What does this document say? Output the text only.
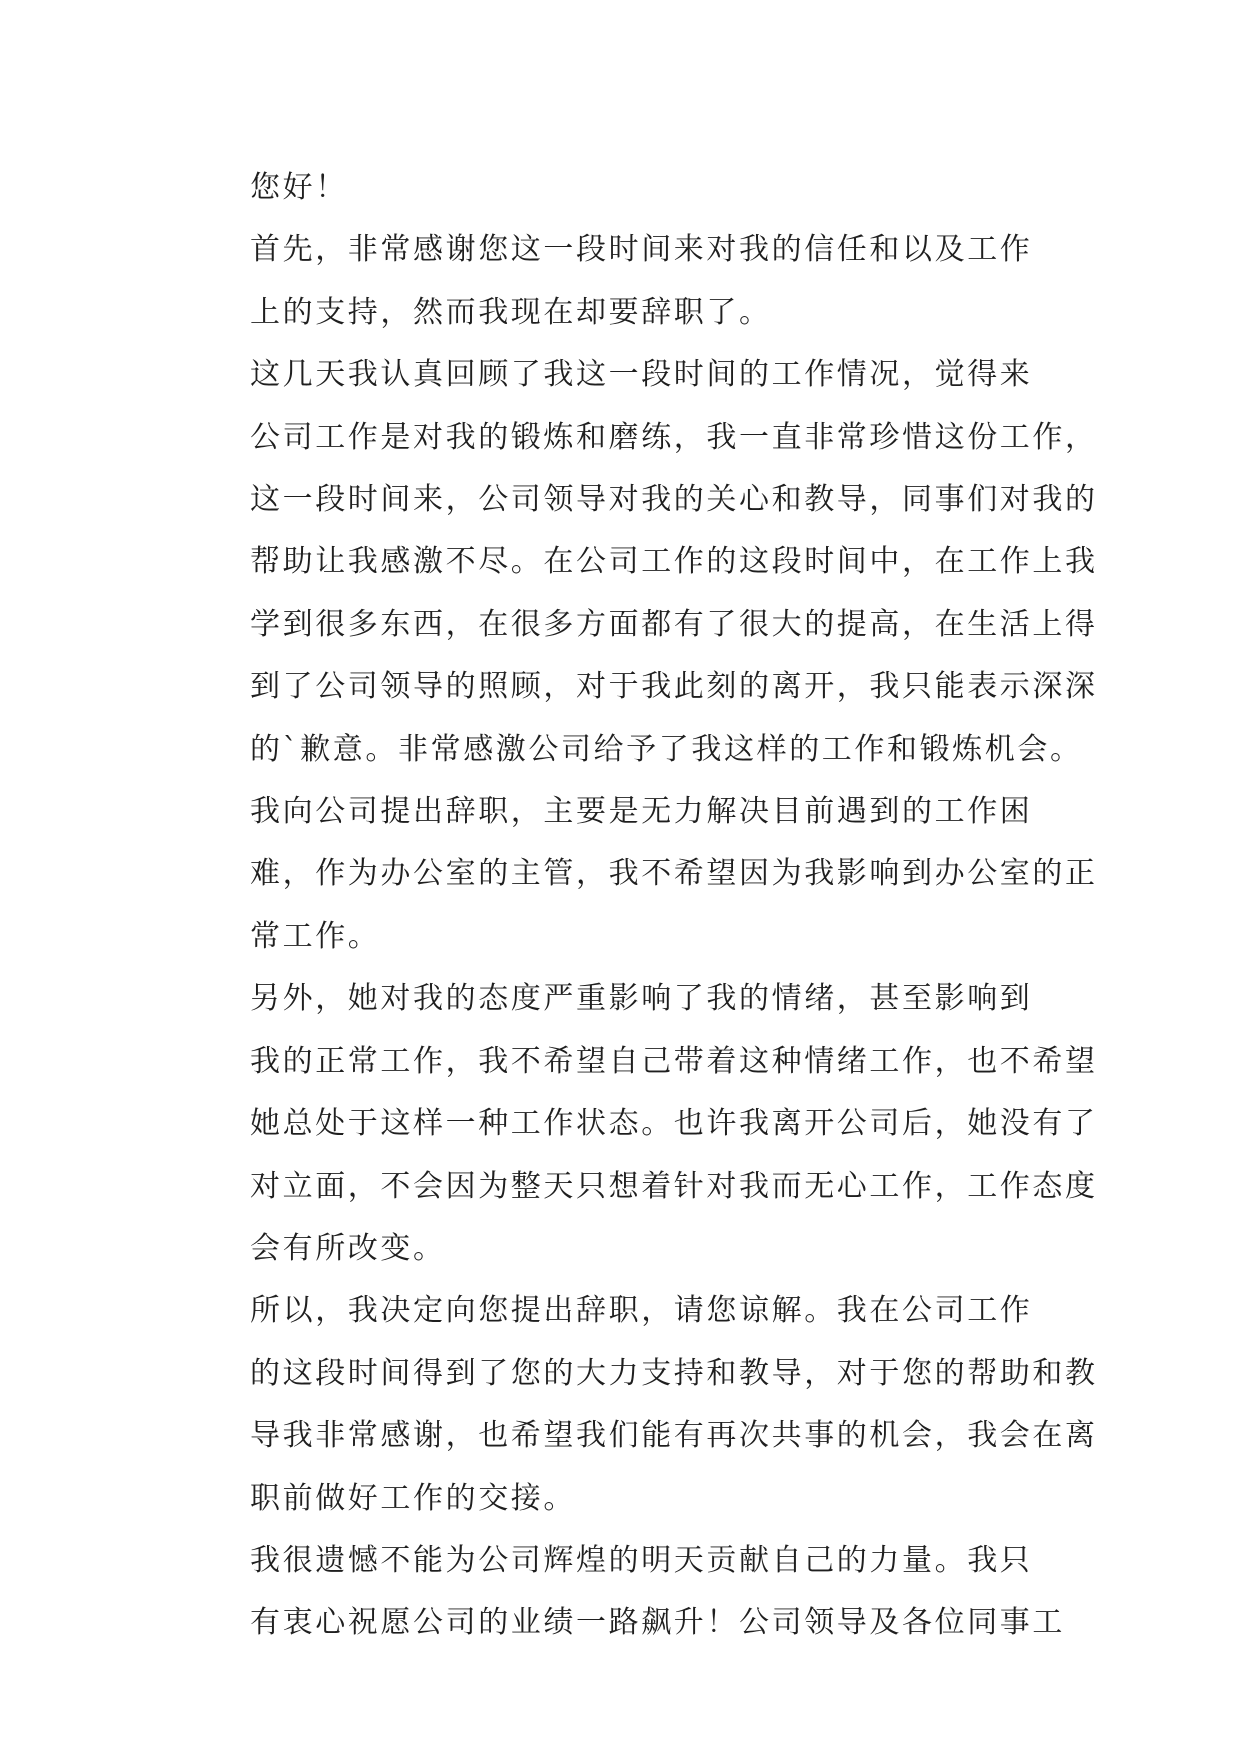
您好！

首先，非常感谢您这一段时间来对我的信任和以及工作
上的支持，然而我现在却要辞职了。

这几天我认真回顾了我这一段时间的工作情况，觉得来
公司工作是对我的锻炼和磨练，我一直非常珍惜这份工作，
这一段时间来，公司领导对我的关心和教导，同事们对我的
帮助让我感激不尽。在公司工作的这段时间中，在工作上我
学到很多东西，在很多方面都有了很大的提高，在生活上得
到了公司领导的照顾，对于我此刻的离开，我只能表示深深
的`歉意。非常感激公司给予了我这样的工作和锻炼机会。

我向公司提出辞职，主要是无力解决目前遇到的工作困
难，作为办公室的主管，我不希望因为我影响到办公室的正
常工作。

另外，她对我的态度严重影响了我的情绪，甚至影响到
我的正常工作，我不希望自己带着这种情绪工作，也不希望
她总处于这样一种工作状态。也许我离开公司后，她没有了
对立面，不会因为整天只想着针对我而无心工作，工作态度
会有所改变。

所以，我决定向您提出辞职，请您谅解。我在公司工作
的这段时间得到了您的大力支持和教导，对于您的帮助和教
导我非常感谢，也希望我们能有再次共事的机会，我会在离
职前做好工作的交接。

我很遗憾不能为公司辉煌的明天贡献自己的力量。我只
有衷心祝愿公司的业绩一路飙升！公司领导及各位同事工
